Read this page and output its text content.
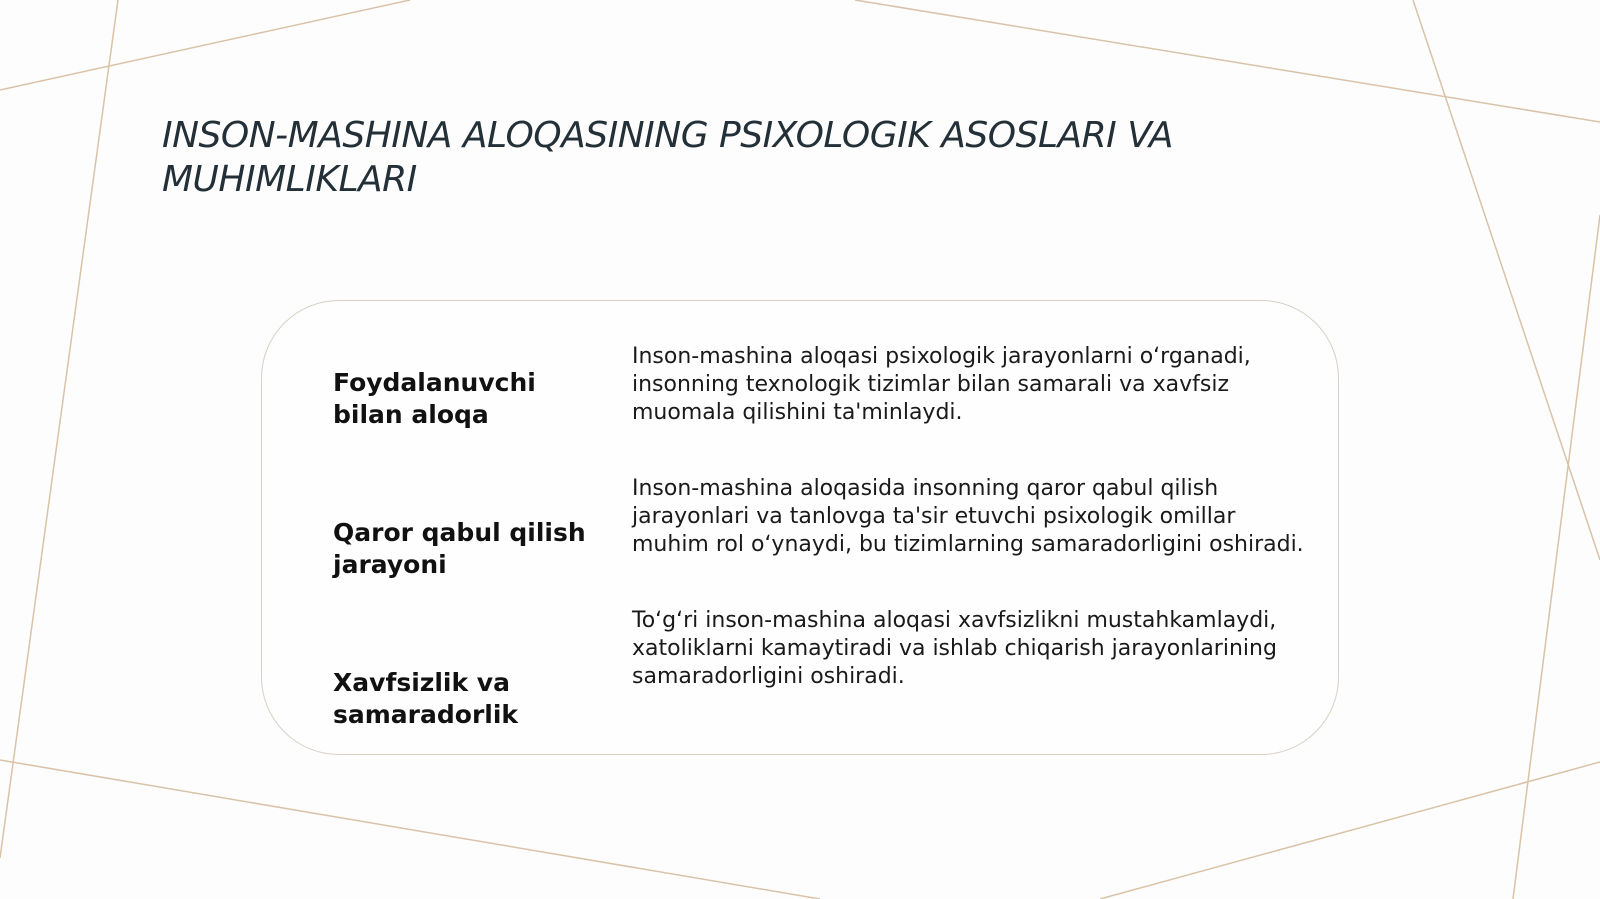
INSON-MASHINA ALOQASINING PSIXOLOGIK ASOSLARI VA MUHIMLIKLARI
Foydalanuvchi bilan aloqa
Inson-mashina aloqasi psixologik jarayonlarni oʻrganadi, insonning texnologik tizimlar bilan samarali va xavfsiz muomala qilishini ta'minlaydi.
Qaror qabul qilish jarayoni
Inson-mashina aloqasida insonning qaror qabul qilish jarayonlari va tanlovga ta'sir etuvchi psixologik omillar muhim rol oʻynaydi, bu tizimlarning samaradorligini oshiradi.
Xavfsizlik va samaradorlik
Toʻgʻri inson-mashina aloqasi xavfsizlikni mustahkamlaydi, xatoliklarni kamaytiradi va ishlab chiqarish jarayonlarining samaradorligini oshiradi.
